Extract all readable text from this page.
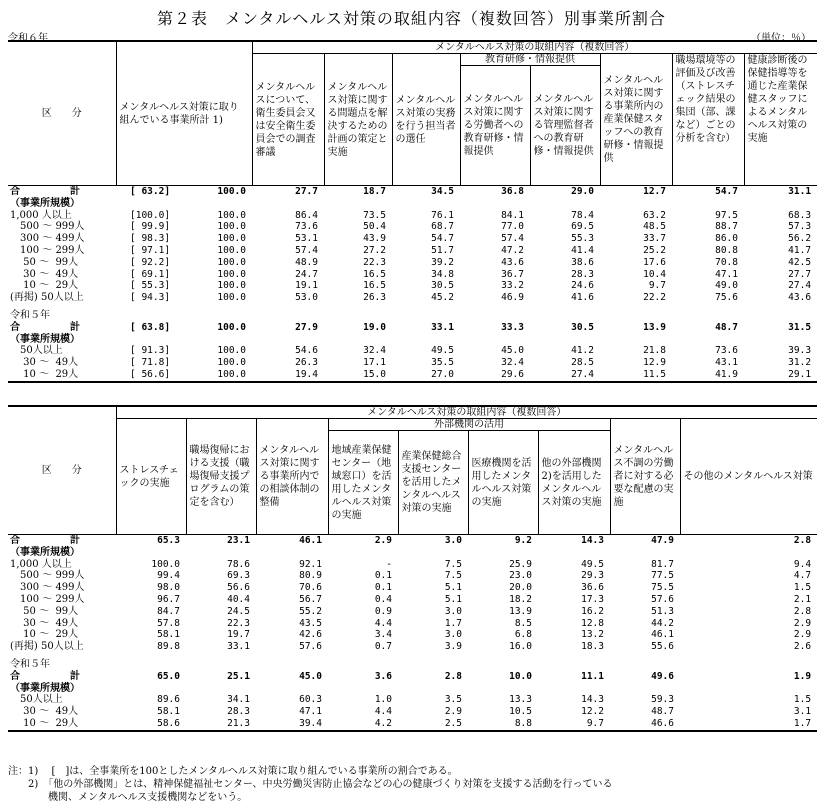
第２表　メンタルヘルス対策の取組内容（複数回答）別事業所割合
令和６年	（単位：％）
区　　分	メンタルヘルス対策に取り組んでいる事業所計 1)	メンタルヘルス対策の取組内容（複数回答）							
		メンタルヘルスについて、衛生委員会又は安全衛生委員会での調査審議	メンタルヘルス対策に関する問題点を解決するための計画の策定と実施	メンタルヘルス対策の実務を行う担当者の選任	教育研修・情報提供		メンタルヘルス対策に関する事業所内の産業保健スタッフへの教育研修・情報提供	職場環境等の評価及び改善（ストレスチェック結果の集団（部、課など）ごとの分析を含む）	健康診断後の保健指導等を通じた産業保健スタッフによるメンタルヘルス対策の実施
					メンタルヘルス対策に関する労働者への教育研修・情報提供	メンタルヘルス対策に関する管理監督者への教育研修・情報提供			
合　　　　　計	[ 63.2] 100.0	27.7	18.7	34.5	36.8	29.0	12.7	54.7	31.1
（事業所規模）	

1,000 人以上	[100.0] 100.0	86.4	73.5	76.1	84.1	78.4	63.2	97.5	68.3
　500 ～ 999人	[ 99.9] 100.0	73.6	50.4	68.7	77.0	69.5	48.5	88.7	57.3
　300 ～ 499人	[ 98.3] 100.0	53.1	43.9	54.7	57.4	55.3	33.7	86.0	56.2
　100 ～ 299人	[ 97.1] 100.0	57.4	27.2	51.7	47.2	41.4	25.2	80.8	41.7
　 50 ～  99人	[ 92.2] 100.0	48.9	22.3	39.2	43.6	38.6	17.6	70.8	42.5
　 30 ～  49人	[ 69.1] 100.0	24.7	16.5	34.8	36.7	28.3	10.4	47.1	27.7
　 10 ～  29人	[ 55.3] 100.0	19.1	16.5	30.5	33.2	24.6	9.7	49.0	27.4
(再掲) 50人以上	[ 94.3] 100.0	53.0	26.3	45.2	46.9	41.6	22.2	75.6	43.6

令和５年	

合　　　　　計	[ 63.8] 100.0	27.9	19.0	33.1	33.3	30.5	13.9	48.7	31.5
（事業所規模）	

　50人以上	[ 91.3] 100.0	54.6	32.4	49.5	45.0	41.2	21.8	73.6	39.3
　 30 ～  49人	[ 71.8] 100.0	26.3	17.1	35.5	32.4	28.5	12.9	43.1	31.2
　 10 ～  29人	[ 56.6] 100.0	19.4	15.0	27.0	29.6	27.4	11.5	41.9	29.1
区　　分	メンタルヘルス対策の取組内容（複数回答）								
	ストレスチェックの実施	職場復帰における支援（職場復帰支援プログラムの策定を含む）	メンタルヘルス対策に関する事業所内での相談体制の整備	外部機関の活用				メンタルヘルス不調の労働者に対する必要な配慮の実施	その他のメンタルヘルス対策
				地域産業保健センター（地域窓口）を活用したメンタルヘルス対策の実施	産業保健総合支援センターを活用したメンタルヘルス対策の実施	医療機関を活用したメンタルヘルス対策の実施	他の外部機関2)を活用したメンタルヘルス対策の実施		
合　　　　　計	65.3	23.1	46.1	2.9	3.0	9.2	14.3	47.9	2.8
（事業所規模）									
1,000 人以上	100.0	78.6	92.1	-	7.5	25.9	49.5	81.7	9.4
　500 ～ 999人	99.4	69.3	80.9	0.1	7.5	23.0	29.3	77.5	4.7
　300 ～ 499人	98.0	56.6	70.6	0.1	5.1	20.0	36.6	75.5	1.5
　100 ～ 299人	96.7	40.4	56.7	0.4	5.1	18.2	17.3	57.6	2.1
　 50 ～  99人	84.7	24.5	55.2	0.9	3.0	13.9	16.2	51.3	2.8
　 30 ～  49人	57.8	22.3	43.5	4.4	1.7	8.5	12.8	44.2	2.9
　 10 ～  29人	58.1	19.7	42.6	3.4	3.0	6.8	13.2	46.1	2.9
(再掲) 50人以上	89.8	33.1	57.6	0.7	3.9	16.0	18.3	55.6	2.6

令和５年									
合　　　　　計	65.0	25.1	45.0	3.6	2.8	10.0	11.1	49.6	1.9
（事業所規模）									
　50人以上	89.6	34.1	60.3	1.0	3.5	13.3	14.3	59.3	1.5
　 30 ～  49人	58.1	28.3	47.1	4.4	2.9	10.5	12.2	48.7	3.1
　 10 ～  29人	58.6	21.3	39.4	4.2	2.5	8.8	9.7	46.6	1.7
注：1)　 [　]は、全事業所を100としたメンタルヘルス対策に取り組んでいる事業所の割合である。
　　2)　「他の外部機関」とは、精神保健福祉センター、中央労働災害防止協会などの心の健康づくり対策を支援する活動を行っている
　　　　機関、メンタルヘルス支援機関などをいう。
